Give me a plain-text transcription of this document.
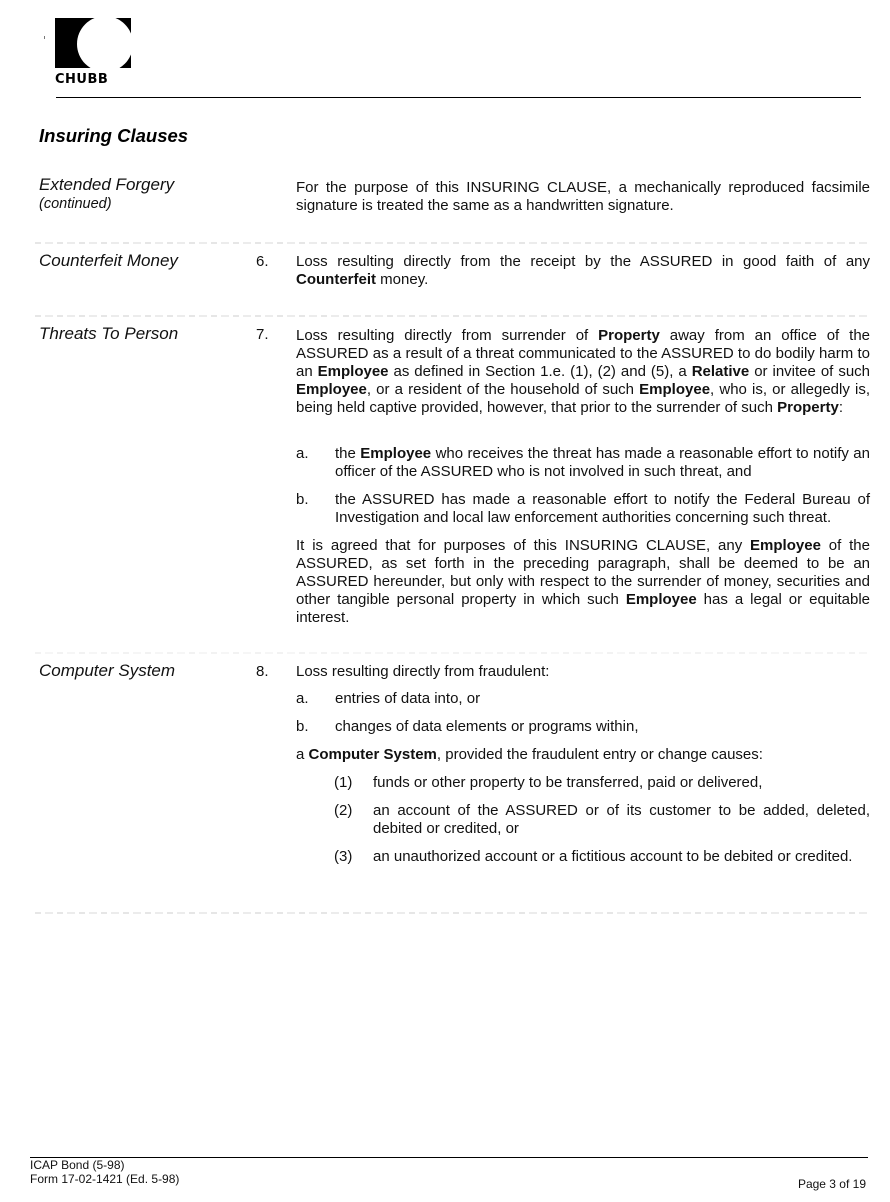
CHUBB
Insuring Clauses
Extended Forgery
(continued)
For the purpose of this INSURING CLAUSE, a mechanically reproduced facsimile signature is treated the same as a handwritten signature.
Counterfeit Money	6. Loss resulting directly from the receipt by the ASSURED in good faith of any Counterfeit money.
Threats To Person	7. Loss resulting directly from surrender of Property away from an office of the ASSURED as a result of a threat communicated to the ASSURED to do bodily harm to an Employee as defined in Section 1.e. (1), (2) and (5), a Relative or invitee of such Employee, or a resident of the household of such Employee, who is, or allegedly is, being held captive provided, however, that prior to the surrender of such Property:
a. the Employee who receives the threat has made a reasonable effort to notify an officer of the ASSURED who is not involved in such threat, and
b. the ASSURED has made a reasonable effort to notify the Federal Bureau of Investigation and local law enforcement authorities concerning such threat.
It is agreed that for purposes of this INSURING CLAUSE, any Employee of the ASSURED, as set forth in the preceding paragraph, shall be deemed to be an ASSURED hereunder, but only with respect to the surrender of money, securities and other tangible personal property in which such Employee has a legal or equitable interest.
Computer System	8. Loss resulting directly from fraudulent:
a. entries of data into, or
b. changes of data elements or programs within,
a Computer System, provided the fraudulent entry or change causes:
(1) funds or other property to be transferred, paid or delivered,
(2) an account of the ASSURED or of its customer to be added, deleted, debited or credited, or
(3) an unauthorized account or a fictitious account to be debited or credited.
ICAP Bond (5-98)
Form 17-02-1421 (Ed. 5-98)	Page 3 of 19
